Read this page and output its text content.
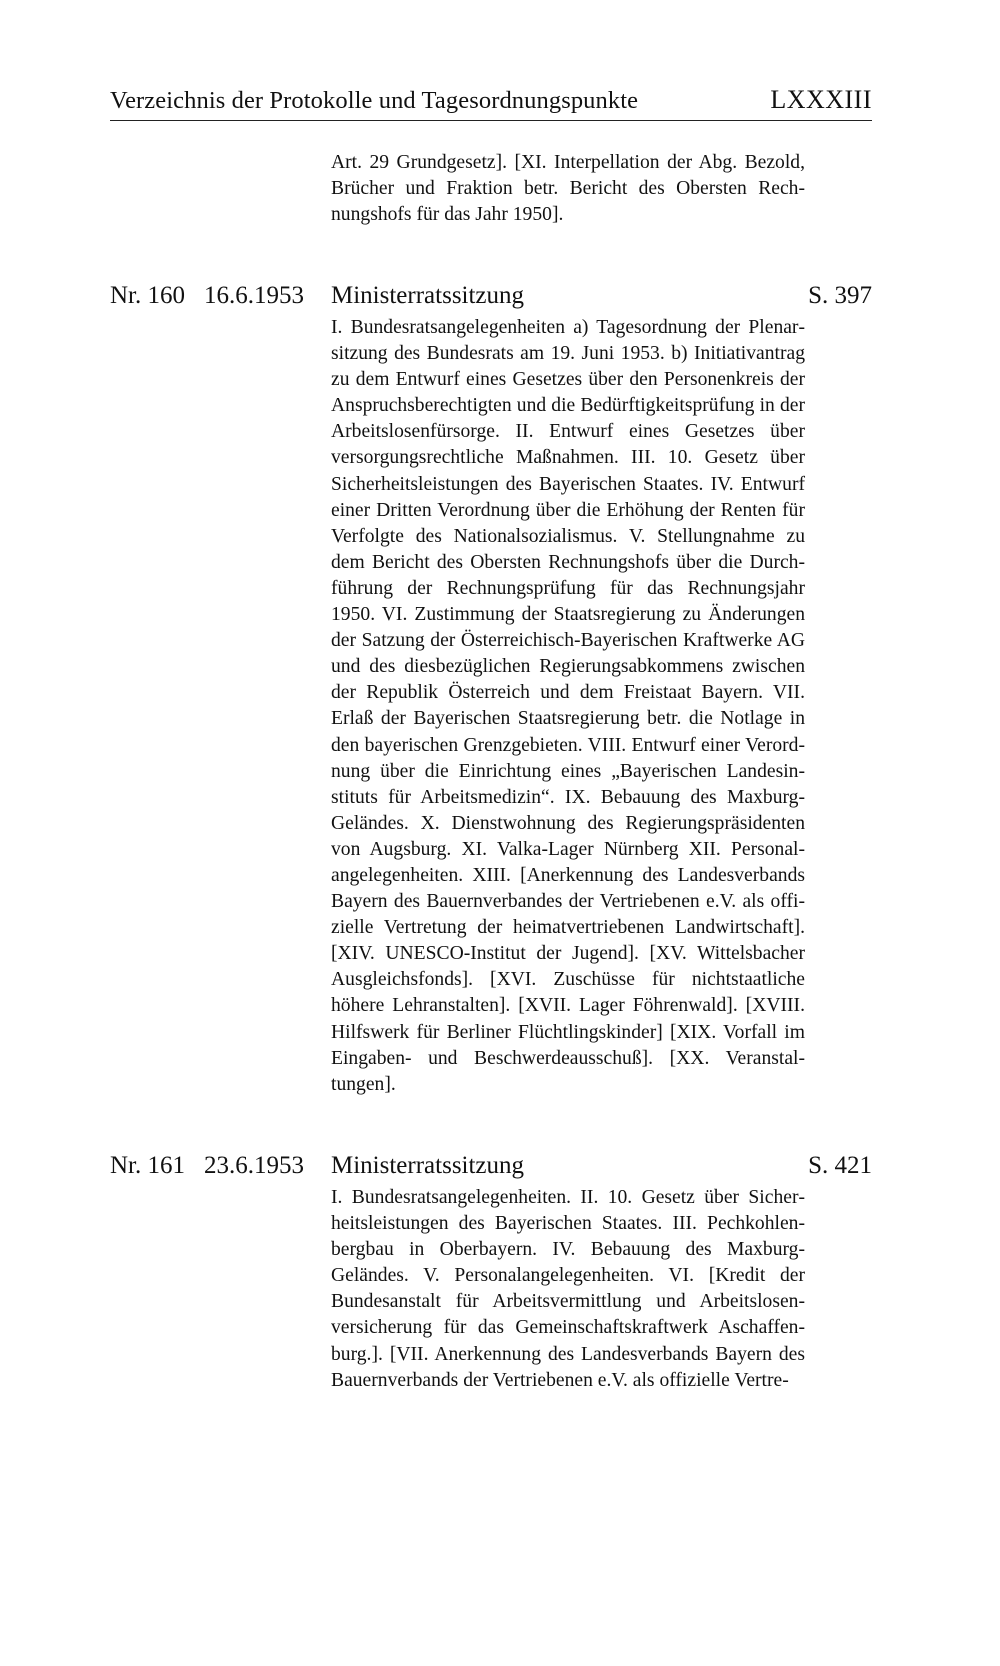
Verzeichnis der Protokolle und Tagesordnungspunkte	LXXXIII
Art. 29 Grundgesetz]. [XI. Interpellation der Abg. Bezold, Brücher und Fraktion betr. Bericht des Obersten Rechnungshofs für das Jahr 1950].
Nr. 160 16.6.1953 Ministerratssitzung	S. 397
I. Bundesratsangelegenheiten a) Tagesordnung der Plenarsitzung des Bundesrats am 19. Juni 1953. b) Initiativantrag zu dem Entwurf eines Gesetzes über den Personenkreis der Anspruchsberechtigten und die Bedürftigkeitsprüfung in der Arbeitslosenfürsorge. II. Entwurf eines Gesetzes über versorgungsrechtliche Maßnahmen. III. 10. Gesetz über Sicherheitsleistungen des Bayerischen Staates. IV. Entwurf einer Dritten Verordnung über die Erhöhung der Renten für Verfolgte des Nationalsozialismus. V. Stellungnahme zu dem Bericht des Obersten Rechnungshofs über die Durchführung der Rechnungsprüfung für das Rechnungsjahr 1950. VI. Zustimmung der Staatsregierung zu Änderungen der Satzung der Österreichisch-Bayerischen Kraftwerke AG und des diesbezüglichen Regierungsabkommens zwischen der Republik Österreich und dem Freistaat Bayern. VII. Erlaß der Bayerischen Staatsregierung betr. die Notlage in den bayerischen Grenzgebieten. VIII. Entwurf einer Verordnung über die Einrichtung eines „Bayerischen Landesinstituts für Arbeitsmedizin“. IX. Bebauung des Maxburg-Geländes. X. Dienstwohnung des Regierungspräsidenten von Augsburg. XI. Valka-Lager Nürnberg XII. Personalangelegenheiten. XIII. [Anerkennung des Landesverbands Bayern des Bauernverbandes der Vertriebenen e.V. als offizielle Vertretung der heimatvertriebenen Landwirtschaft]. [XIV. UNESCO-Institut der Jugend]. [XV. Wittelsbacher Ausgleichsfonds]. [XVI. Zuschüsse für nichtstaatliche höhere Lehranstalten]. [XVII. Lager Föhrenwald]. [XVIII. Hilfswerk für Berliner Flüchtlingskinder] [XIX. Vorfall im Eingaben- und Beschwerdeausschuß]. [XX. Veranstaltungen].
Nr. 161 23.6.1953 Ministerratssitzung	S. 421
I. Bundesratsangelegenheiten. II. 10. Gesetz über Sicherheitsleistungen des Bayerischen Staates. III. Pechkohlenbergbau in Oberbayern. IV. Bebauung des Maxburg-Geländes. V. Personalangelegenheiten. VI. [Kredit der Bundesanstalt für Arbeitsvermittlung und Arbeitslosenversicherung für das Gemeinschaftskraftwerk Aschaffenburg.]. [VII. Anerkennung des Landesverbands Bayern des Bauernverbands der Vertriebenen e.V. als offizielle Vertre-
